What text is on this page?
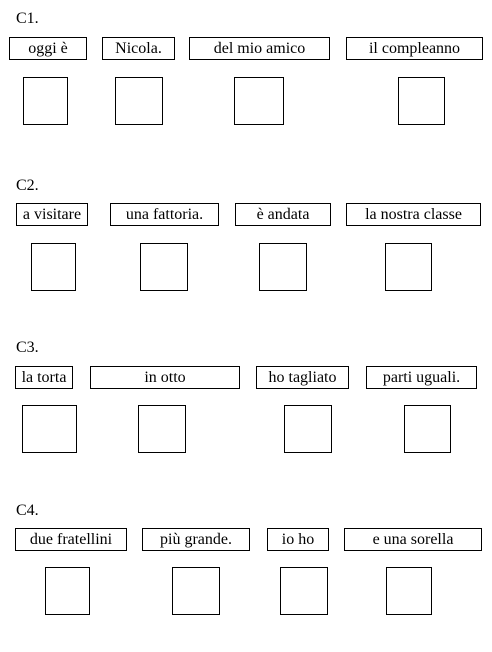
C1.
oggi è	Nicola.	del mio amico	il compleanno
C2.
a visitare	una fattoria.	è andata	la nostra classe
C3.
la torta	in otto	ho tagliato	parti uguali.
C4.
due fratellini	più grande.	io ho	e una sorella
